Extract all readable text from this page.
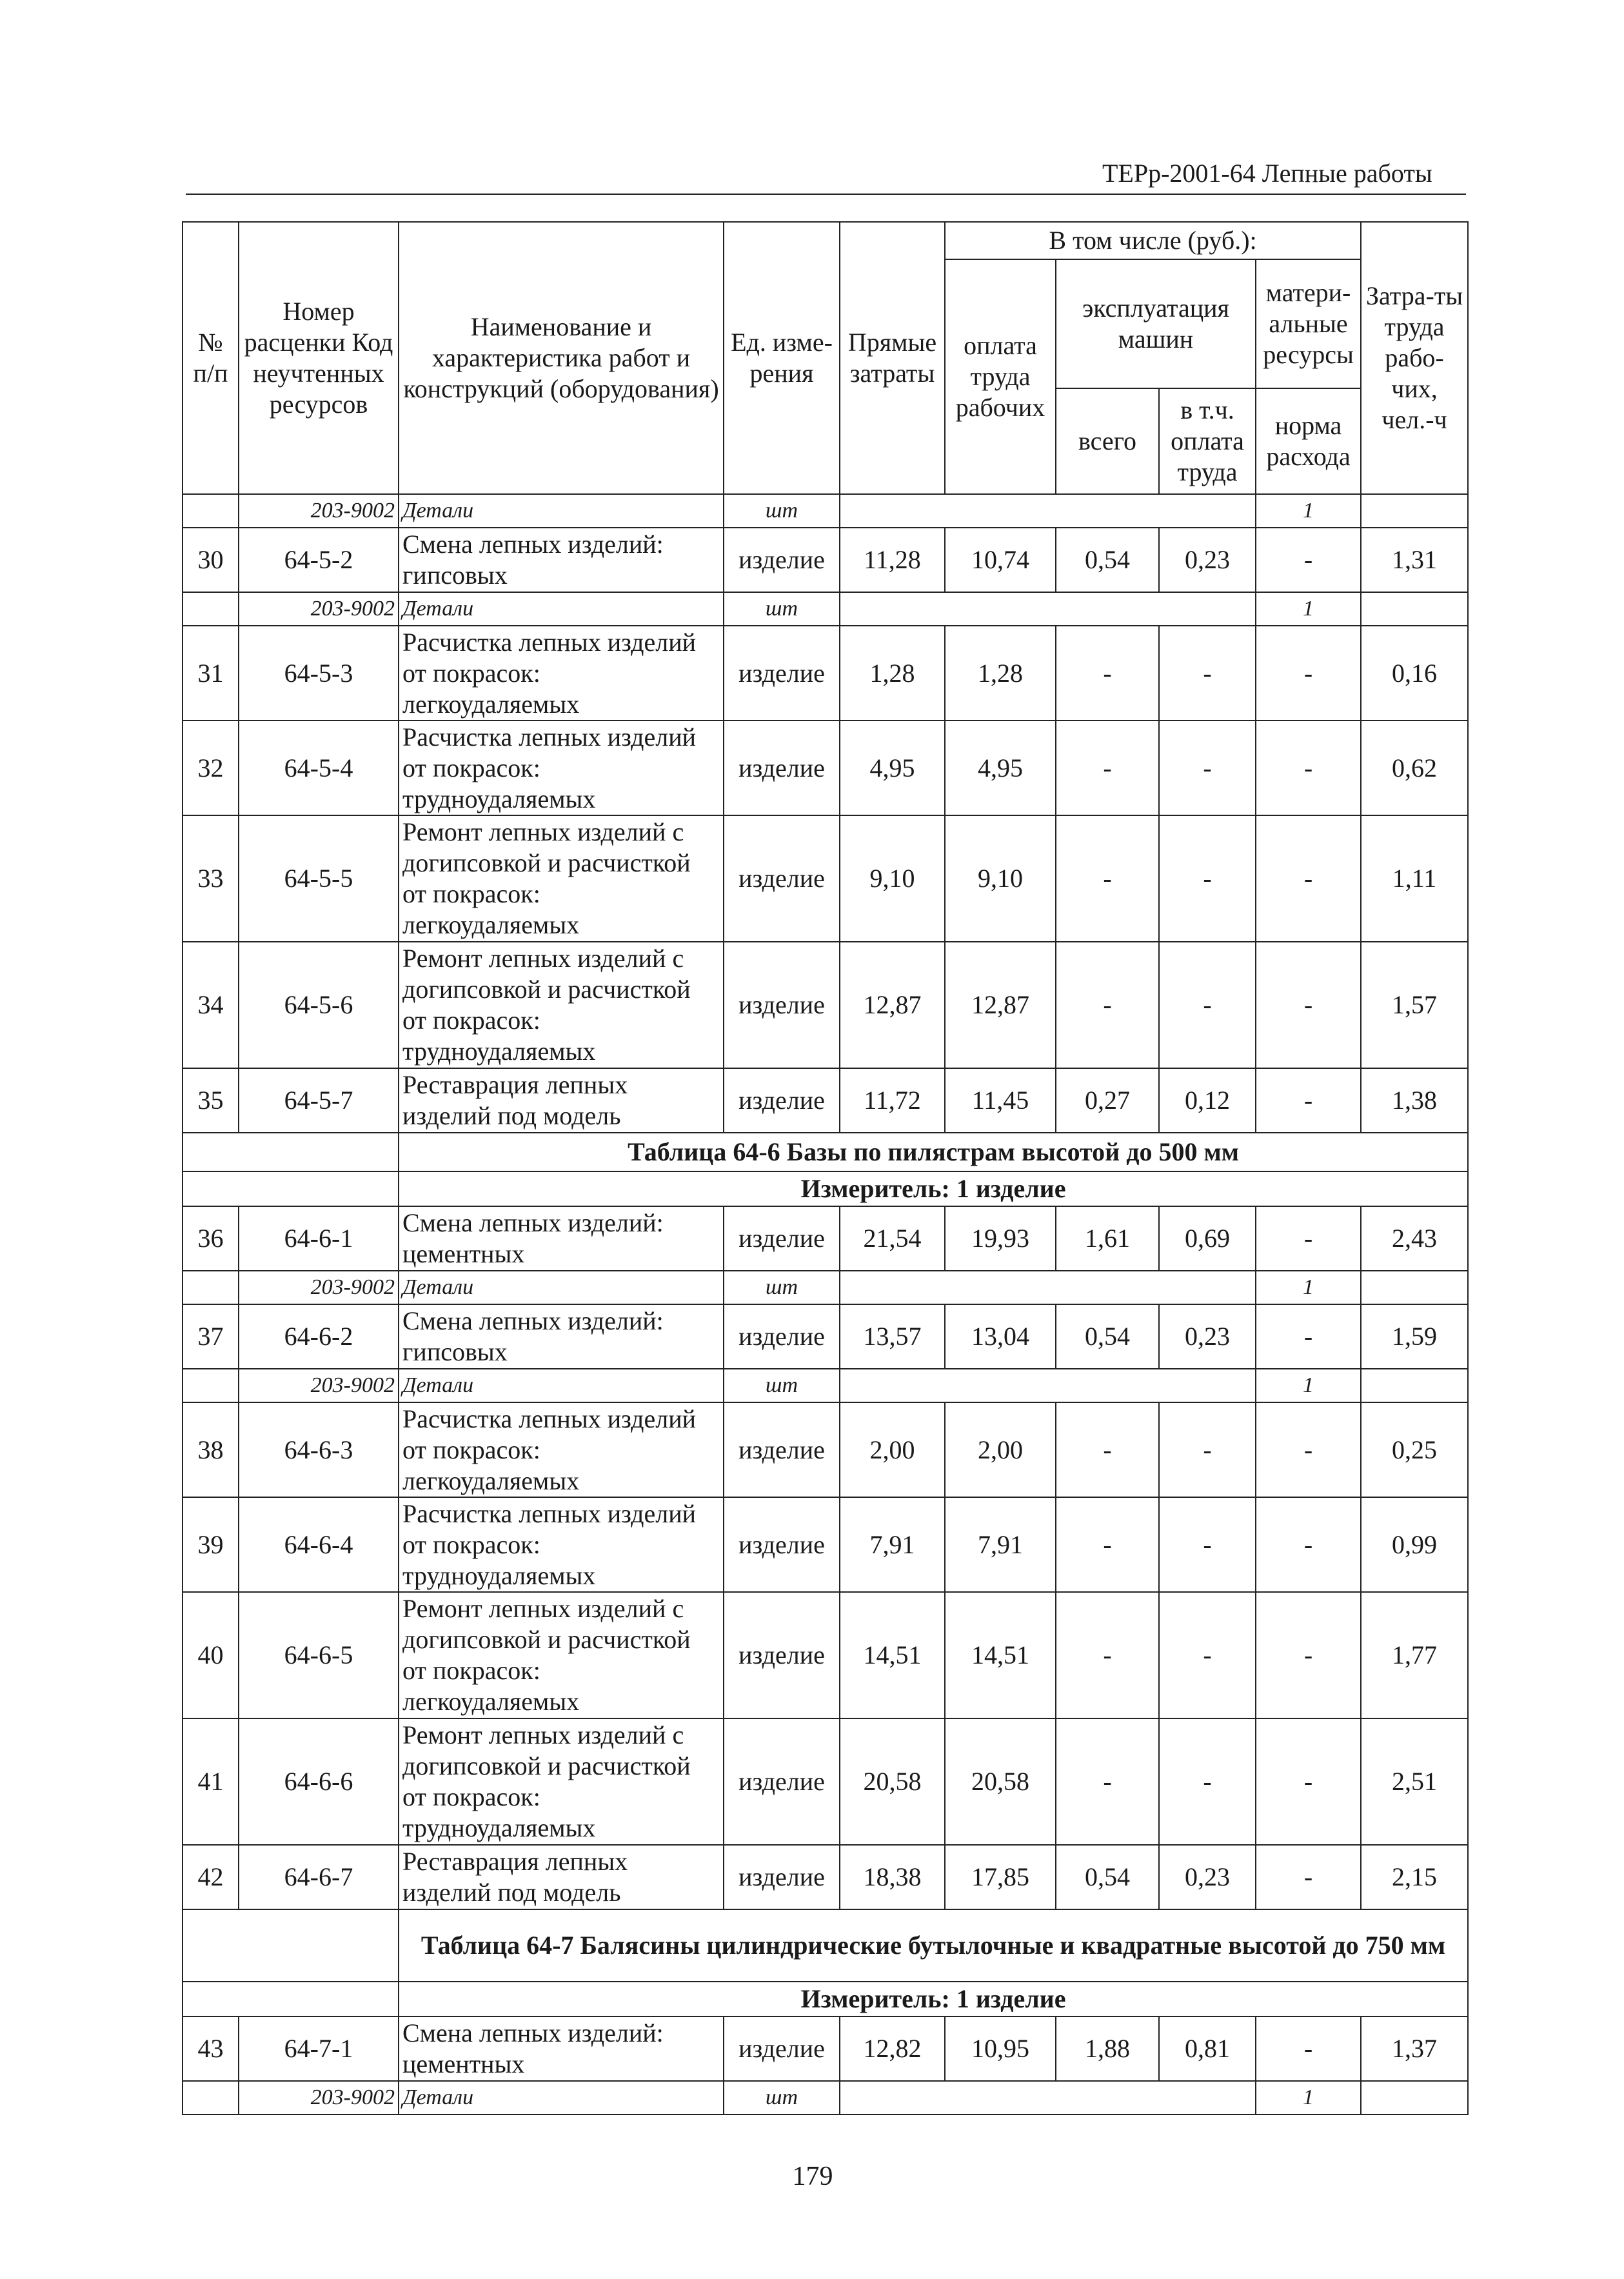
ТЕРр-2001-64 Лепные работы
№ п/п	Номер расценки Код неучтенных ресурсов	Наименование и характеристика работ и конструкций (оборудования)	Ед. изме-рения	Прямые затраты	В том числе (руб.):				Затра-ты труда рабо-чих, чел.-ч
					оплата труда рабочих	эксплуатация машин		матери-альные ресурсы	
						всего	в т.ч. оплата труда	норма расхода	
	203-9002	Детали	шт					1	
30	64-5-2	Смена лепных изделий: гипсовых	изделие	11,28	10,74	0,54	0,23	-	1,31
	203-9002	Детали	шт					1	
31	64-5-3	Расчистка лепных изделий от покрасок: легкоудаляемых	изделие	1,28	1,28	-	-	-	0,16
32	64-5-4	Расчистка лепных изделий от покрасок: трудноудаляемых	изделие	4,95	4,95	-	-	-	0,62
33	64-5-5	Ремонт лепных изделий с догипсовкой и расчисткой от покрасок: легкоудаляемых	изделие	9,10	9,10	-	-	-	1,11
34	64-5-6	Ремонт лепных изделий с догипсовкой и расчисткой от покрасок: трудноудаляемых	изделие	12,87	12,87	-	-	-	1,57
35	64-5-7	Реставрация лепных изделий под модель	изделие	11,72	11,45	0,27	0,12	-	1,38
		Таблица 64-6 Базы по пилястрам высотой до 500 мм							
		Измеритель: 1 изделие							
36	64-6-1	Смена лепных изделий: цементных	изделие	21,54	19,93	1,61	0,69	-	2,43
	203-9002	Детали	шт					1	
37	64-6-2	Смена лепных изделий: гипсовых	изделие	13,57	13,04	0,54	0,23	-	1,59
	203-9002	Детали	шт					1	
38	64-6-3	Расчистка лепных изделий от покрасок: легкоудаляемых	изделие	2,00	2,00	-	-	-	0,25
39	64-6-4	Расчистка лепных изделий от покрасок: трудноудаляемых	изделие	7,91	7,91	-	-	-	0,99
40	64-6-5	Ремонт лепных изделий с догипсовкой и расчисткой от покрасок: легкоудаляемых	изделие	14,51	14,51	-	-	-	1,77
41	64-6-6	Ремонт лепных изделий с догипсовкой и расчисткой от покрасок: трудноудаляемых	изделие	20,58	20,58	-	-	-	2,51
42	64-6-7	Реставрация лепных изделий под модель	изделие	18,38	17,85	0,54	0,23	-	2,15
		Таблица 64-7 Балясины цилиндрические бутылочные и квадратные высотой до 750 мм							
		Измеритель: 1 изделие							
43	64-7-1	Смена лепных изделий: цементных	изделие	12,82	10,95	1,88	0,81	-	1,37
	203-9002	Детали	шт					1	
179
